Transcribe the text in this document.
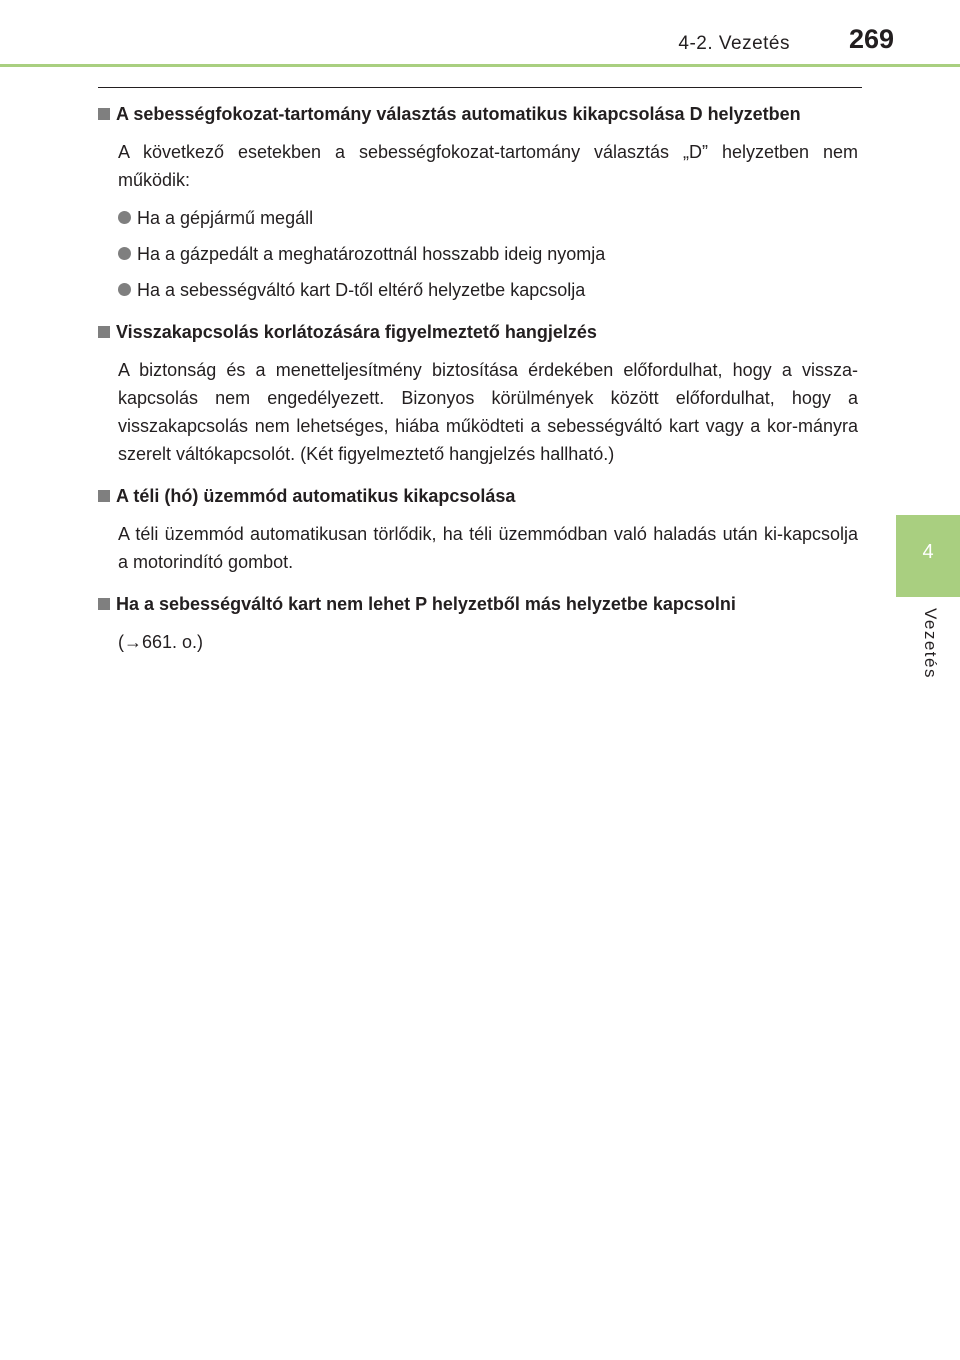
4-2. Vezetés 269
4
Vezetés
A sebességfokozat-tartomány választás automatikus kikapcsolása D helyzetben

A következő esetekben a sebességfokozat-tartomány választás „D” helyzetben nem működik:

Ha a gépjármű megáll
Ha a gázpedált a meghatározottnál hosszabb ideig nyomja
Ha a sebességváltó kart D-től eltérő helyzetbe kapcsolja
Visszakapcsolás korlátozására figyelmeztető hangjelzés

A biztonság és a menetteljesítmény biztosítása érdekében előfordulhat, hogy a vissza-kapcsolás nem engedélyezett. Bizonyos körülmények között előfordulhat, hogy a visszakapcsolás nem lehetséges, hiába működteti a sebességváltó kart vagy a kor-mányra szerelt váltókapcsolót. (Két figyelmeztető hangjelzés hallható.)

A téli (hó) üzemmód automatikus kikapcsolása

A téli üzemmód automatikusan törlődik, ha téli üzemmódban való haladás után ki-kapcsolja a motorindító gombot.

Ha a sebességváltó kart nem lehet P helyzetből más helyzetbe kapcsolni

(→661. o.)
